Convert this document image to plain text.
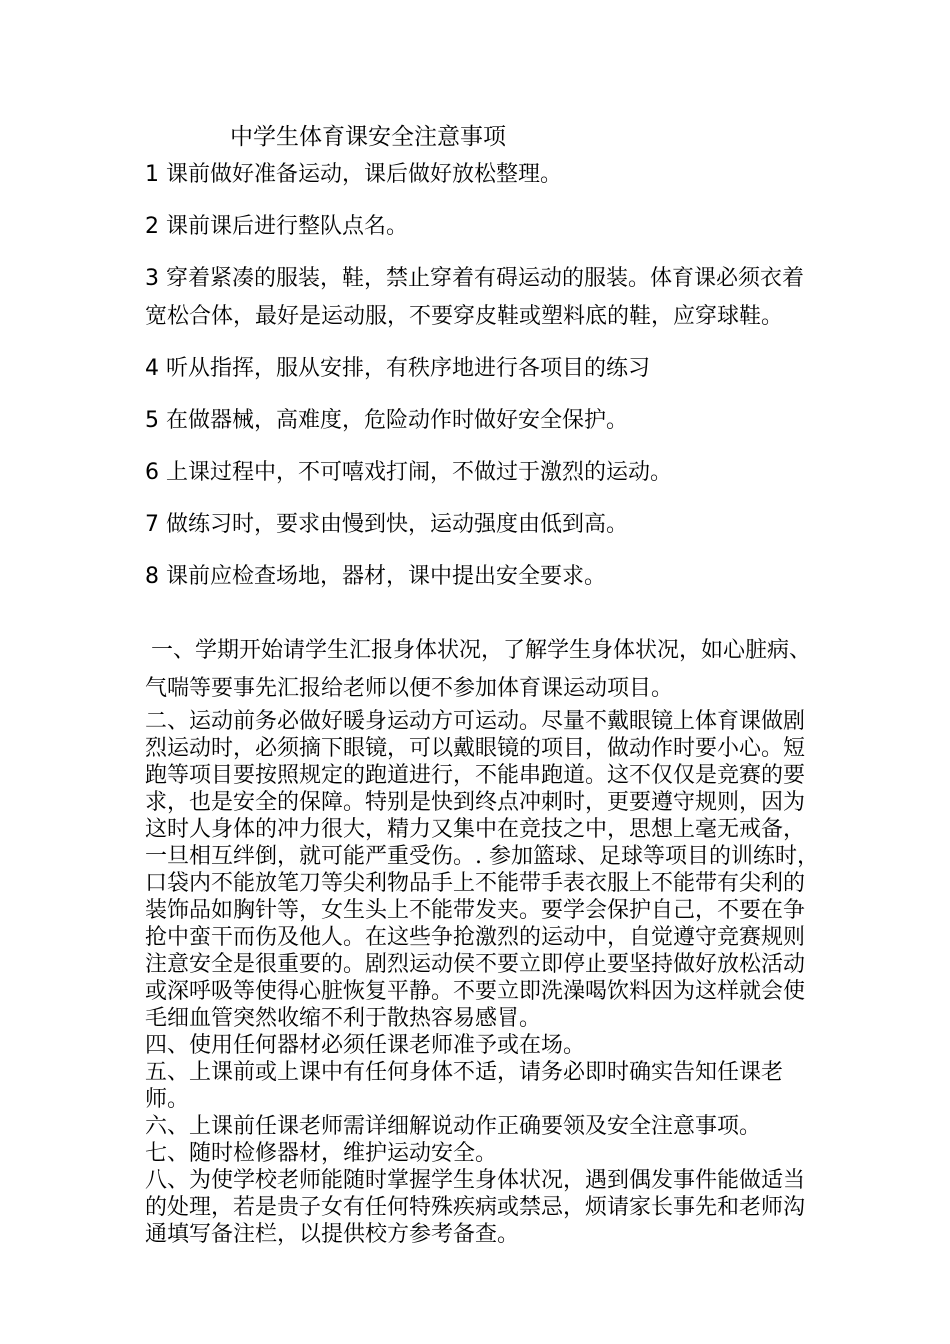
中学生体育课安全注意事项

1 课前做好准备运动，课后做好放松整理。

2 课前课后进行整队点名。

3 穿着紧凑的服装，鞋，禁止穿着有碍运动的服装。体育课必须衣着宽松合体，最好是运动服，不要穿皮鞋或塑料底的鞋，应穿球鞋。

4 听从指挥，服从安排，有秩序地进行各项目的练习

5 在做器械，高难度，危险动作时做好安全保护。

6 上课过程中，不可嘻戏打闹，不做过于激烈的运动。

7 做练习时，要求由慢到快，运动强度由低到高。

8 课前应检查场地，器材，课中提出安全要求。

一、学期开始请学生汇报身体状况，了解学生身体状况，如心脏病、气喘等要事先汇报给老师以便不参加体育课运动项目。

二、运动前务必做好暖身运动方可运动。尽量不戴眼镜上体育课做剧烈运动时，必须摘下眼镜，可以戴眼镜的项目，做动作时要小心。短跑等项目要按照规定的跑道进行，不能串跑道。这不仅仅是竞赛的要求，也是安全的保障。特别是快到终点冲刺时，更要遵守规则，因为这时人身体的冲力很大，精力又集中在竞技之中，思想上毫无戒备，一旦相互绊倒，就可能严重受伤。. 参加篮球、足球等项目的训练时，口袋内不能放笔刀等尖利物品手上不能带手表衣服上不能带有尖利的装饰品如胸针等，女生头上不能带发夹。要学会保护自己，不要在争抢中蛮干而伤及他人。在这些争抢激烈的运动中，自觉遵守竞赛规则注意安全是很重要的。剧烈运动侯不要立即停止要坚持做好放松活动或深呼吸等使得心脏恢复平静。不要立即洗澡喝饮料因为这样就会使毛细血管突然收缩不利于散热容易感冒。

四、使用任何器材必须任课老师准予或在场。

五、上课前或上课中有任何身体不适，请务必即时确实告知任课老师。

六、上课前任课老师需详细解说动作正确要领及安全注意事项。

七、随时检修器材，维护运动安全。

八、为使学校老师能随时掌握学生身体状况，遇到偶发事件能做适当的处理，若是贵子女有任何特殊疾病或禁忌，烦请家长事先和老师沟通填写备注栏，以提供校方参考备查。
